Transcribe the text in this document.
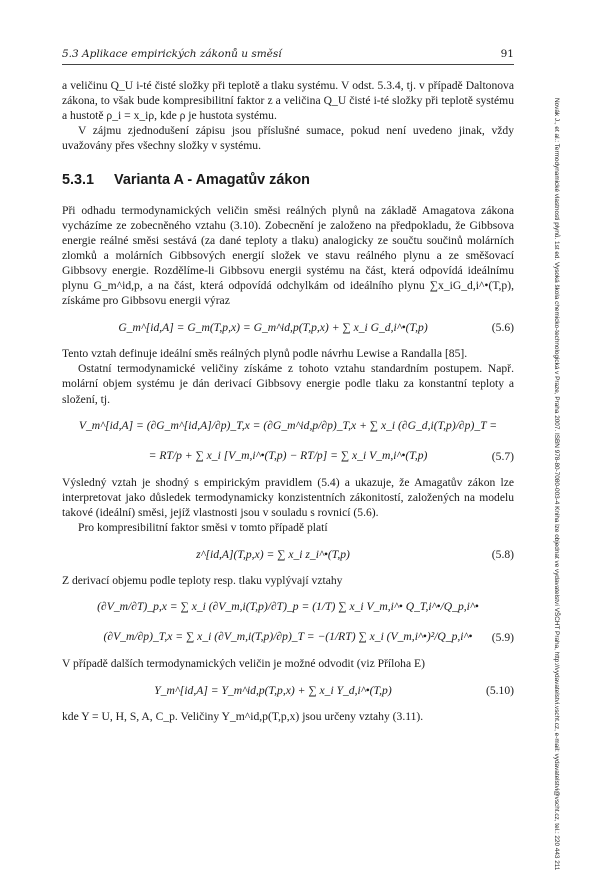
5.3 Aplikace empirických zákonů u směsí	91

a veličinu Q_U i-té čisté složky při teplotě a tlaku systému. V odst. 5.3.4, tj. v případě Daltonova zákona, to však bude kompresibilitní faktor z a veličina Q_U čisté i-té složky při teplotě systému a hustotě ρ_i = x_iρ, kde ρ je hustota systému.

V zájmu zjednodušení zápisu jsou příslušné sumace, pokud není uvedeno jinak, vždy uvažovány přes všechny složky v systému.

5.3.1 Varianta A - Amagatův zákon

Při odhadu termodynamických veličin směsi reálných plynů na základě Amagatova zákona vycházíme ze zobecněného vztahu (3.10). Zobecnění je založeno na předpokladu, že Gibbsova energie reálné směsi sestává (za dané teploty a tlaku) analogicky ze součtu součinů molárních zlomků a molárních Gibbsových energií složek ve stavu reálného plynu a ze směšovací Gibbsovy energie. Rozdělíme-li Gibbsovu energii systému na část, která odpovídá ideálnímu plynu G_m^id,p, a na část, která odpovídá odchylkám od ideálního plynu ∑x_iG_d,i^•(T,p), získáme pro Gibbsovu energii výraz

G_m^[id,A] = G_m(T,p,x) = G_m^id,p(T,p,x) + ∑ x_i G_d,i^•(T,p)	(5.6)

Tento vztah definuje ideální směs reálných plynů podle návrhu Lewise a Randalla [85].

Ostatní termodynamické veličiny získáme z tohoto vztahu standardním postupem. Např. molární objem systému je dán derivací Gibbsovy energie podle tlaku za konstantní teploty a složení, tj.

V_m^[id,A] = (∂G_m^[id,A]/∂p)_T,x = (∂G_m^id,p/∂p)_T,x + ∑ x_i (∂G_d,i(T,p)/∂p)_T =
= RT/p + ∑ x_i [V_m,i^•(T,p) − RT/p] = ∑ x_i V_m,i^•(T,p)	(5.7)

Výsledný vztah je shodný s empirickým pravidlem (5.4) a ukazuje, že Amagatův zákon lze interpretovat jako důsledek termodynamicky konzistentních zákonitostí, založených na modelu takové (ideální) směsi, jejíž vlastnosti jsou v souladu s rovnicí (5.6).

Pro kompresibilitní faktor směsi v tomto případě platí

z^[id,A](T,p,x) = ∑ x_i z_i^•(T,p)	(5.8)

Z derivací objemu podle teploty resp. tlaku vyplývají vztahy

(∂V_m/∂T)_p,x = ∑ x_i (∂V_m,i(T,p)/∂T)_p = (1/T) ∑ x_i V_m,i^• Q_T,i^•/Q_p,i^•
(∂V_m/∂p)_T,x = ∑ x_i (∂V_m,i(T,p)/∂p)_T = −(1/RT) ∑ x_i (V_m,i^•)²/Q_p,i^•	(5.9)

V případě dalších termodynamických veličin je možné odvodit (viz Příloha E)

Y_m^[id,A] = Y_m^id,p(T,p,x) + ∑ x_i Y_d,i^•(T,p)	(5.10)

kde Y = U, H, S, A, C_p. Veličiny Y_m^id,p(T,p,x) jsou určeny vztahy (3.11).	Novák J., et al.: Termodynamické vlastnosti plynů. 1st ed. Vysoká škola chemicko-technologická v Praze, Praha 2007. ISBN 978-80-7080-003-4 Kniha lze objednat ve vydavatelství VŠCHT Praha, http://vydavatelstvi.vscht.cz, e-mail: vydavatelstvi@vscht.cz, tel.: 220 443 211
